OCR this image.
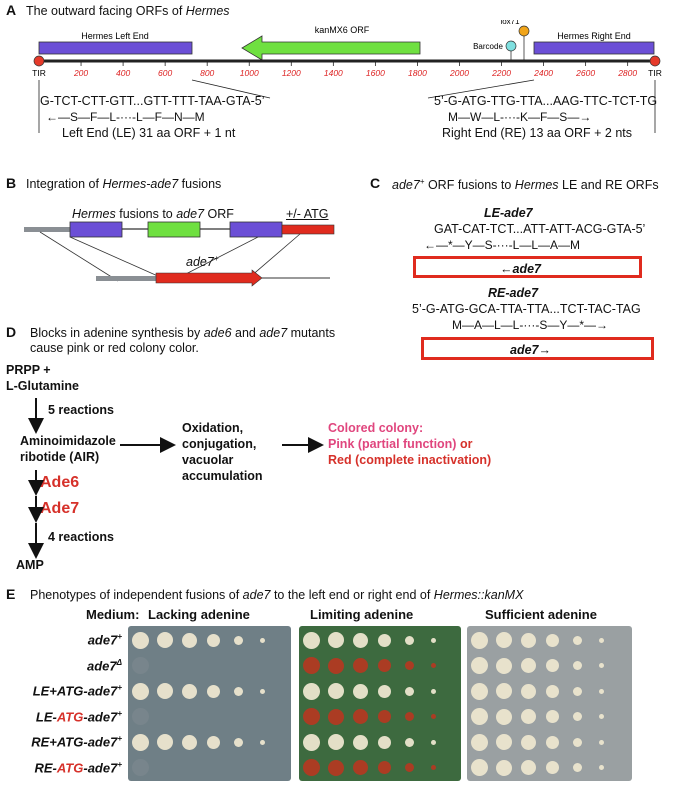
A The outward facing ORFs of Hermes
Hermes Left End
kanMX6 ORF
Hermes Right End
lox71
Barcode
TIR	TIR
200	400	600	800	1000	1200	1400	1600	1800	2000	2200	2400	2600	2800
G-TCT-CTT-GTT...GTT-TTT-TAA-GTA-5’
←—S—F—L-···-L—F—N—M
Left End (LE) 31 aa ORF + 1 nt
5’-G-ATG-TTG-TTA...AAG-TTC-TCT-TG
M—W—L-···-K—F—S—→
Right End (RE) 13 aa ORF + 2 nts
B Integration of Hermes-ade7 fusions
Hermes fusions to ade7 ORF	+/- ATG
ade7+
C ade7+ ORF fusions to Hermes LE and RE ORFs
LE-ade7
GAT-CAT-TCT...ATT-ATT-ACG-GTA-5’
←—*—Y—S-···-L—L—A—M
←ade7
RE-ade7
5’-G-ATG-GCA-TTA-TTA...TCT-TAC-TAG
M—A—L—L-···-S—Y—*—→
ade7→
D Blocks in adenine synthesis by ade6 and ade7 mutants
cause pink or red colony color.
PRPP +
L-Glutamine
5 reactions
Aminoimidazole
ribotide (AIR)
Ade6
Ade7
4 reactions
AMP
Oxidation,
conjugation,
vacuolar
accumulation
Colored colony:
Pink (partial function) or
Red (complete inactivation)
E Phenotypes of independent fusions of ade7 to the left end or right end of Hermes::kanMX
Medium: Lacking adenine	Limiting adenine	Sufficient adenine
ade7+
$ade7^\Delta$
LE+ATG-ade7+
LE-ATG-ade7+
RE+ATG-ade7+
RE-ATG-ade7+
